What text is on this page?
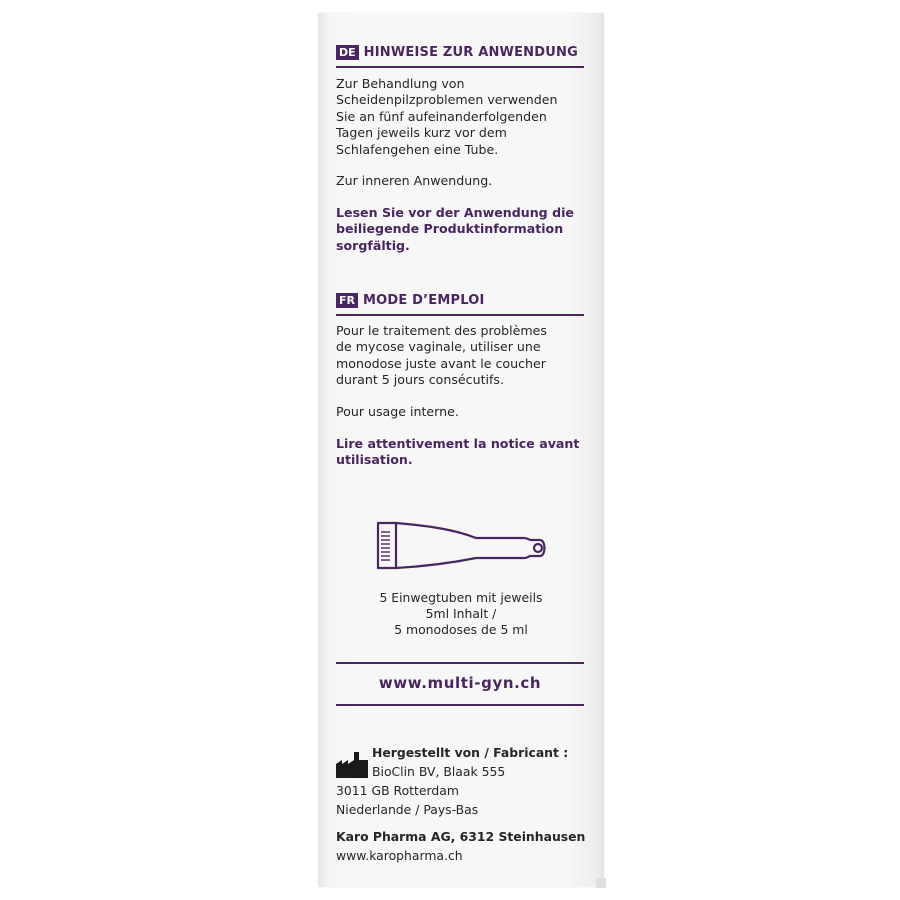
DE HINWEISE ZUR ANWENDUNG
Zur Behandlung von
Scheidenpilzproblemen verwenden
Sie an fünf aufeinanderfolgenden
Tagen jeweils kurz vor dem
Schlafengehen eine Tube.
Zur inneren Anwendung.
Lesen Sie vor der Anwendung die
beiliegende Produktinformation
sorgfältig.
FR MODE D’EMPLOI
Pour le traitement des problèmes
de mycose vaginale, utiliser une
monodose juste avant le coucher
durant 5 jours consécutifs.
Pour usage interne.
Lire attentivement la notice avant
utilisation.
5 Einwegtuben mit jeweils
5ml Inhalt /
5 monodoses de 5 ml
www.multi-gyn.ch
Hergestellt von / Fabricant :
BioClin BV, Blaak 555
3011 GB Rotterdam
Niederlande / Pays-Bas
Karo Pharma AG, 6312 Steinhausen
www.karopharma.ch
